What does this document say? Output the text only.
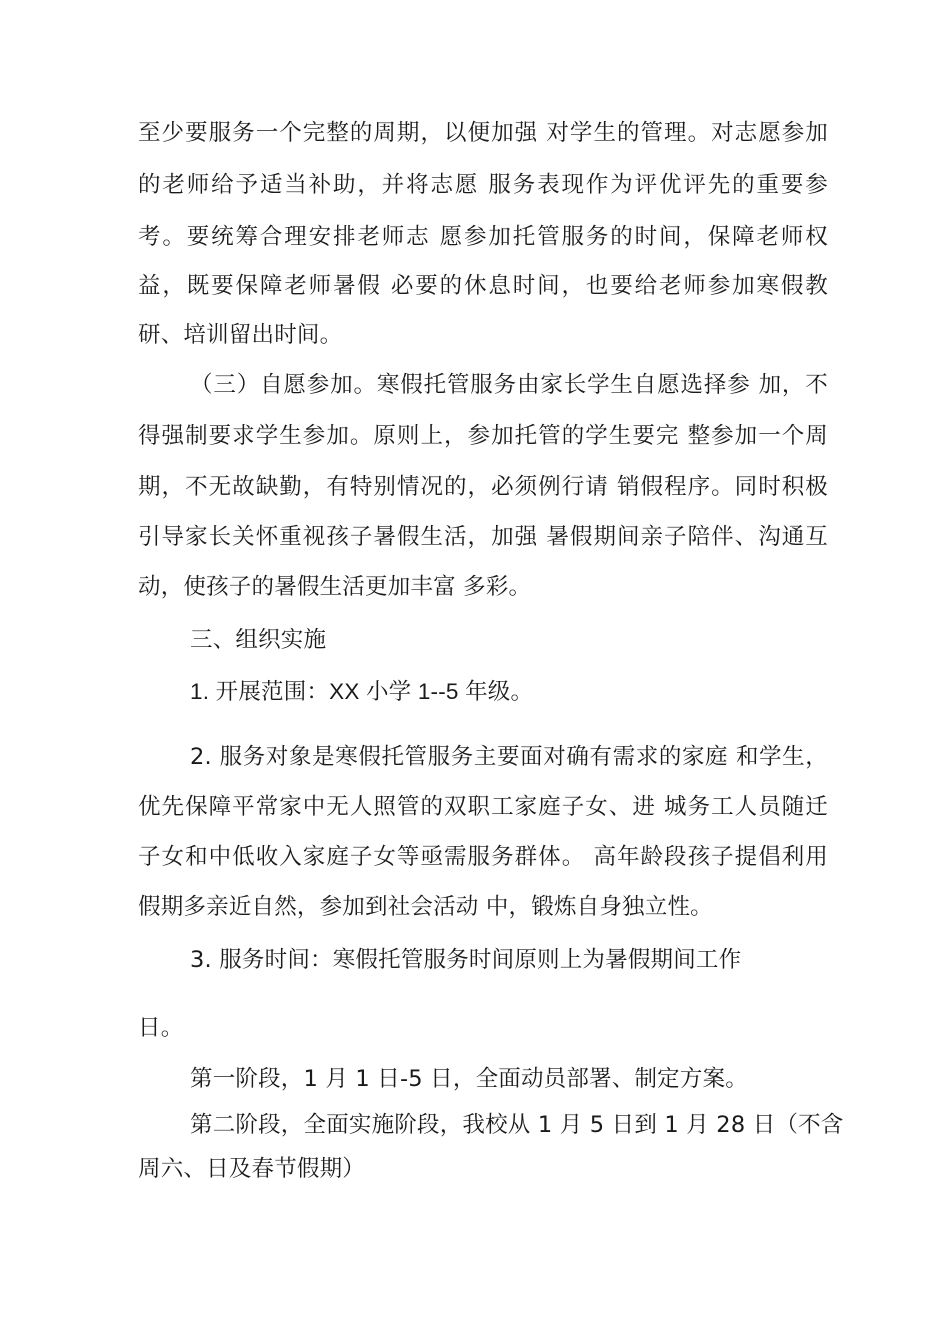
至少要服务一个完整的周期，以便加强 对学生的管理。对志愿参加
的老师给予适当补助，并将志愿 服务表现作为评优评先的重要参
考。要统筹合理安排老师志 愿参加托管服务的时间，保障老师权
益，既要保障老师暑假 必要的休息时间，也要给老师参加寒假教
研、培训留出时间。
（三）自愿参加。寒假托管服务由家长学生自愿选择参 加，不
得强制要求学生参加。原则上，参加托管的学生要完 整参加一个周
期，不无故缺勤，有特别情况的，必须例行请 销假程序。同时积极
引导家长关怀重视孩子暑假生活，加强 暑假期间亲子陪伴、沟通互
动，使孩子的暑假生活更加丰富 多彩。
三、组织实施
1. 开展范围：XX 小学 1--5 年级。
2. 服务对象是寒假托管服务主要面对确有需求的家庭 和学生，
优先保障平常家中无人照管的双职工家庭子女、进 城务工人员随迁
子女和中低收入家庭子女等亟需服务群体。 高年龄段孩子提倡利用
假期多亲近自然，参加到社会活动 中，锻炼自身独立性。
3. 服务时间：寒假托管服务时间原则上为暑假期间工作
日。
第一阶段，1 月 1 日-5 日，全面动员部署、制定方案。
第二阶段，全面实施阶段，我校从 1 月 5 日到 1 月 28 日（不含
周六、日及春节假期）
